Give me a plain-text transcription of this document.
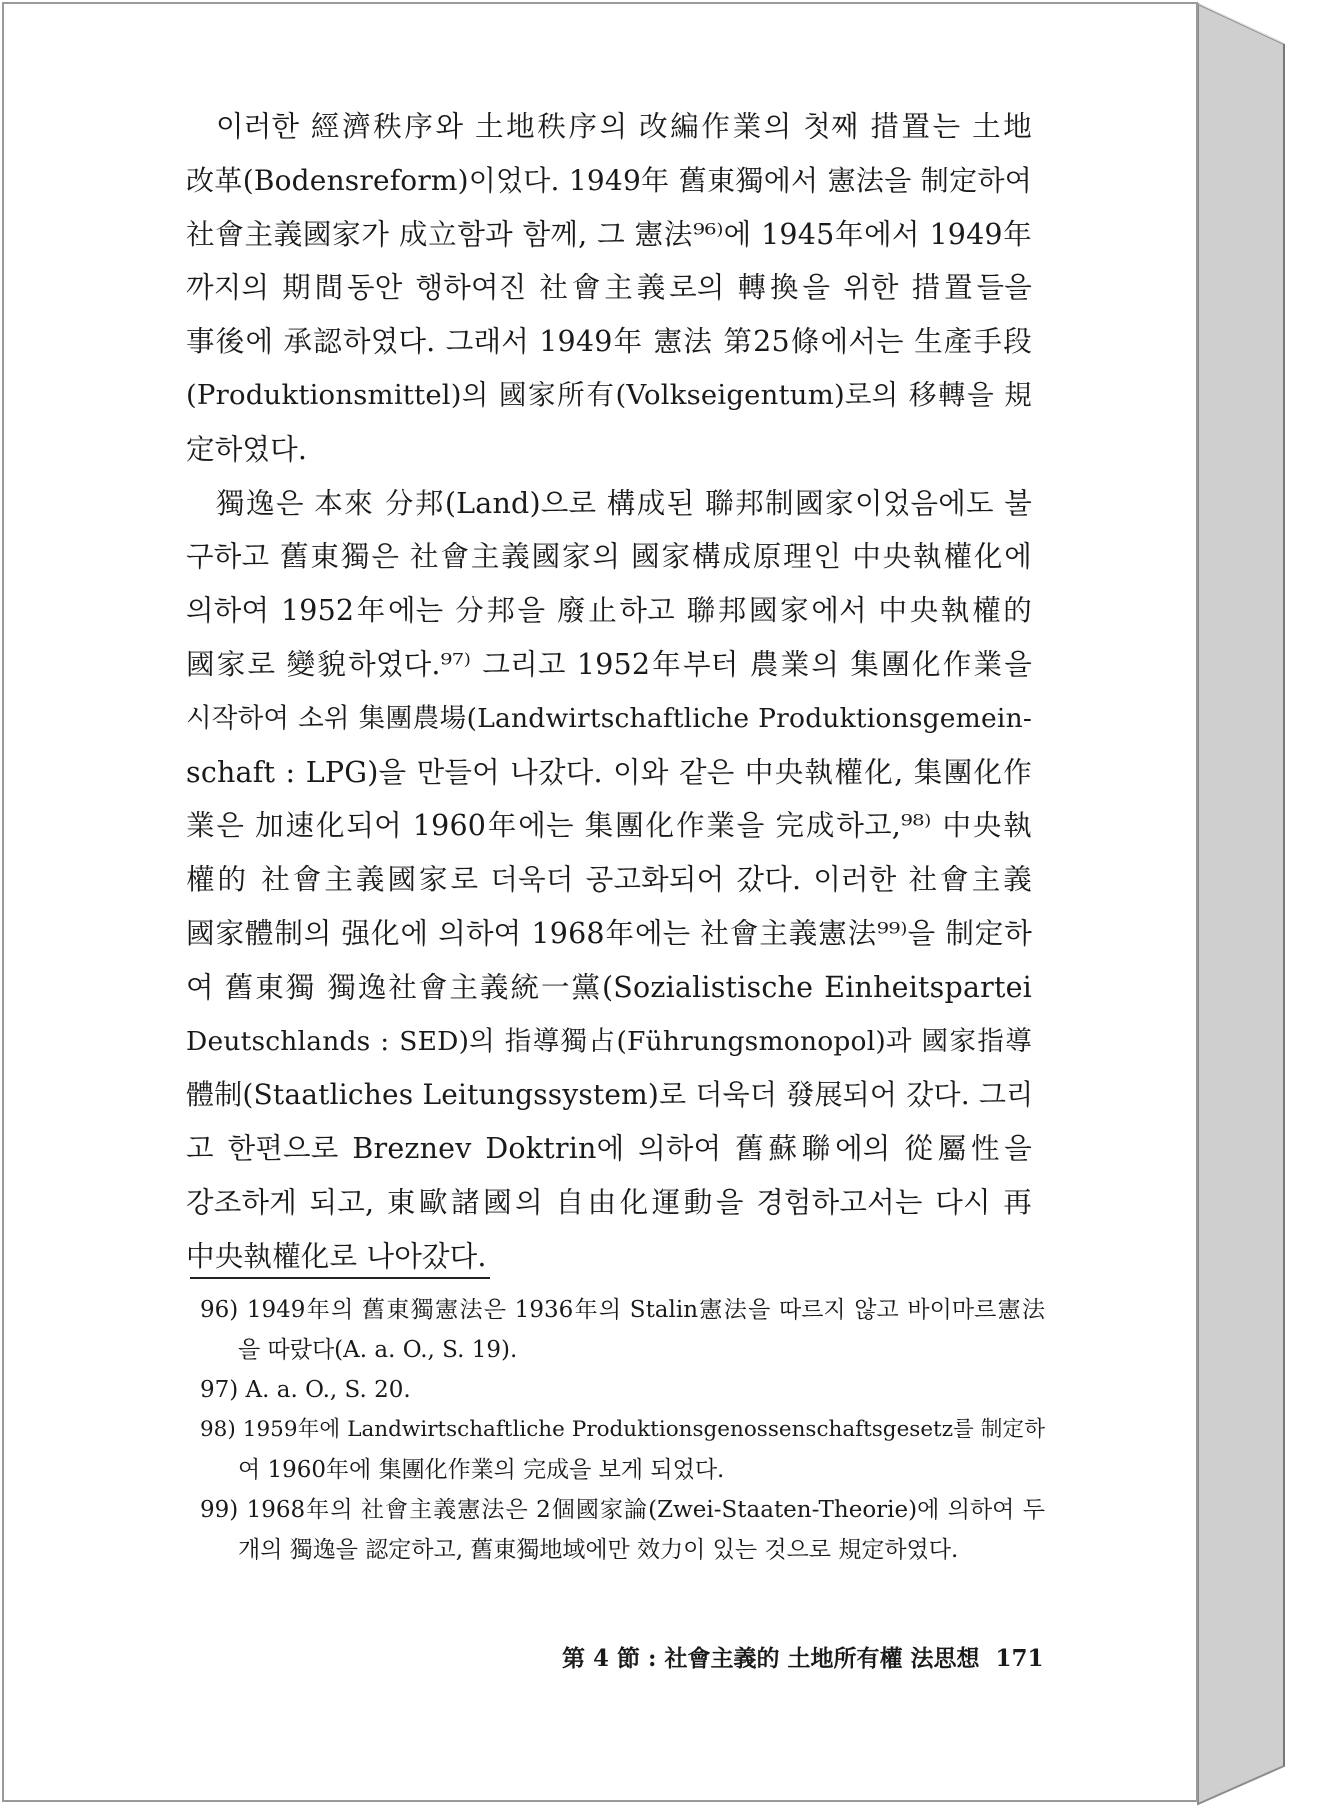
이러한 經濟秩序와 土地秩序의 改編作業의 첫째 措置는 土地
改革(Bodensreform)이었다. 1949年 舊東獨에서 憲法을 制定하여
社會主義國家가 成立함과 함께, 그 憲法⁹⁶⁾에 1945年에서 1949年
까지의 期間동안 행하여진 社會主義로의 轉換을 위한 措置들을
事後에 承認하였다. 그래서 1949年 憲法 第25條에서는 生產手段
(Produktionsmittel)의 國家所有(Volkseigentum)로의 移轉을 規
定하였다.
獨逸은 本來 分邦(Land)으로 構成된 聯邦制國家이었음에도 불
구하고 舊東獨은 社會主義國家의 國家構成原理인 中央執權化에
의하여 1952年에는 分邦을 廢止하고 聯邦國家에서 中央執權的
國家로 變貌하였다.⁹⁷⁾ 그리고 1952年부터 農業의 集團化作業을
시작하여 소위 集團農場(Landwirtschaftliche Produktionsgemein-
schaft : LPG)을 만들어 나갔다. 이와 같은 中央執權化, 集團化作
業은 加速化되어 1960年에는 集團化作業을 完成하고,⁹⁸⁾ 中央執
權的 社會主義國家로 더욱더 공고화되어 갔다. 이러한 社會主義
國家體制의 强化에 의하여 1968年에는 社會主義憲法⁹⁹⁾을 制定하
여 舊東獨 獨逸社會主義統一黨(Sozialistische Einheitspartei
Deutschlands : SED)의 指導獨占(Führungsmonopol)과 國家指導
體制(Staatliches Leitungssystem)로 더욱더 發展되어 갔다. 그리
고 한편으로 Breznev Doktrin에 의하여 舊蘇聯에의 從屬性을
강조하게 되고, 東歐諸國의 自由化運動을 경험하고서는 다시 再
中央執權化로 나아갔다.
96) 1949年의 舊東獨憲法은 1936年의 Stalin憲法을 따르지 않고 바이마르憲法
을 따랐다(A. a. O., S. 19).
97) A. a. O., S. 20.
98) 1959年에 Landwirtschaftliche Produktionsgenossenschaftsgesetz를 制定하
여 1960年에 集團化作業의 完成을 보게 되었다.
99) 1968年의 社會主義憲法은 2個國家論(Zwei-Staaten-Theorie)에 의하여 두
개의 獨逸을 認定하고, 舊東獨地域에만 效力이 있는 것으로 規定하였다.
第 4 節 : 社會主義的 土地所有權 法思想 171
